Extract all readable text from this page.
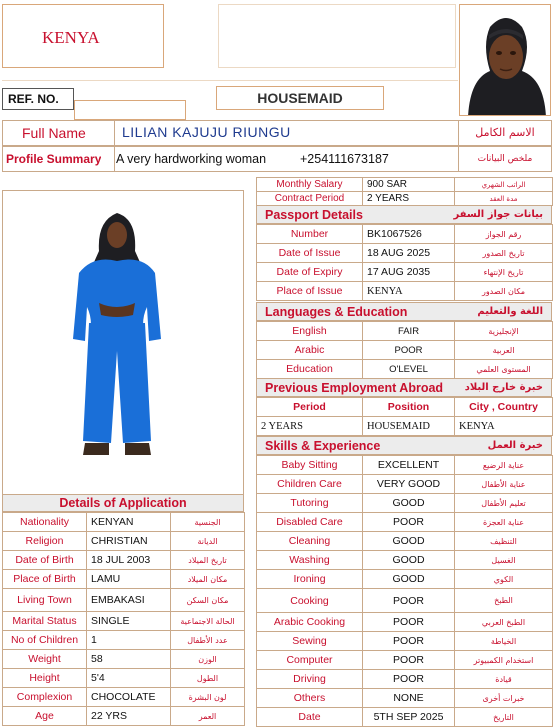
KENYA
REF. NO.	HOUSEMAID
Full Name	LILIAN KAJUJU RIUNGU	الاسم الكامل
Profile Summary A very hardworking woman	+254111673187	ملخص البيانات
Monthly Salary	900 SAR	الراتب الشهري
Contract Period	2 YEARS	مدة العقد
Passport Details	بيانات جواز السفر
Number	BK1067526	رقم الجواز
Date of Issue	18 AUG 2025	تاريخ الصدور
Date of Expiry	17 AUG 2035	تاريخ الإنتهاء
Place of Issue	KENYA	مكان الصدور
Languages & Education	اللغة والتعليم
English	FAIR	الإنجليزية
Arabic	POOR	العربية
Education	O'LEVEL	المستوى العلمي
Previous Employment Abroad خبرة خارج البلاد
Period	Position	City , Country
2 YEARS	HOUSEMAID	KENYA
Skills & Experience	خبرة العمل
Baby Sitting	EXCELLENT	عناية الرضيع
Children Care	VERY GOOD	عناية الأطفال
Tutoring	GOOD	تعليم الأطفال
Disabled Care	POOR	عناية العجزة
Cleaning	GOOD	التنظيف
Washing	GOOD	الغسيل
Ironing	GOOD	الكوي
Cooking	POOR	الطبخ
Arabic Cooking	POOR	الطبخ العربي
Sewing	POOR	الخياطة
Computer	POOR	استخدام الكمبيوتر
Driving	POOR	قيادة
Others	NONE	خبرات أخرى
Date	5TH SEP 2025	التاريخ
Details of Application
Nationality	KENYAN	الجنسية
Religion	CHRISTIAN	الديانة
Date of Birth	18 JUL 2003	تاريخ الميلاد
Place of Birth	LAMU	مكان الميلاد
Living Town	EMBAKASI	مكان السكن
Marital Status	SINGLE	الحالة الاجتماعية
No of Children	1	عدد الأطفال
Weight	58	الوزن
Height	5'4	الطول
Complexion	CHOCOLATE	لون البشرة
Age	22 YRS	العمر
